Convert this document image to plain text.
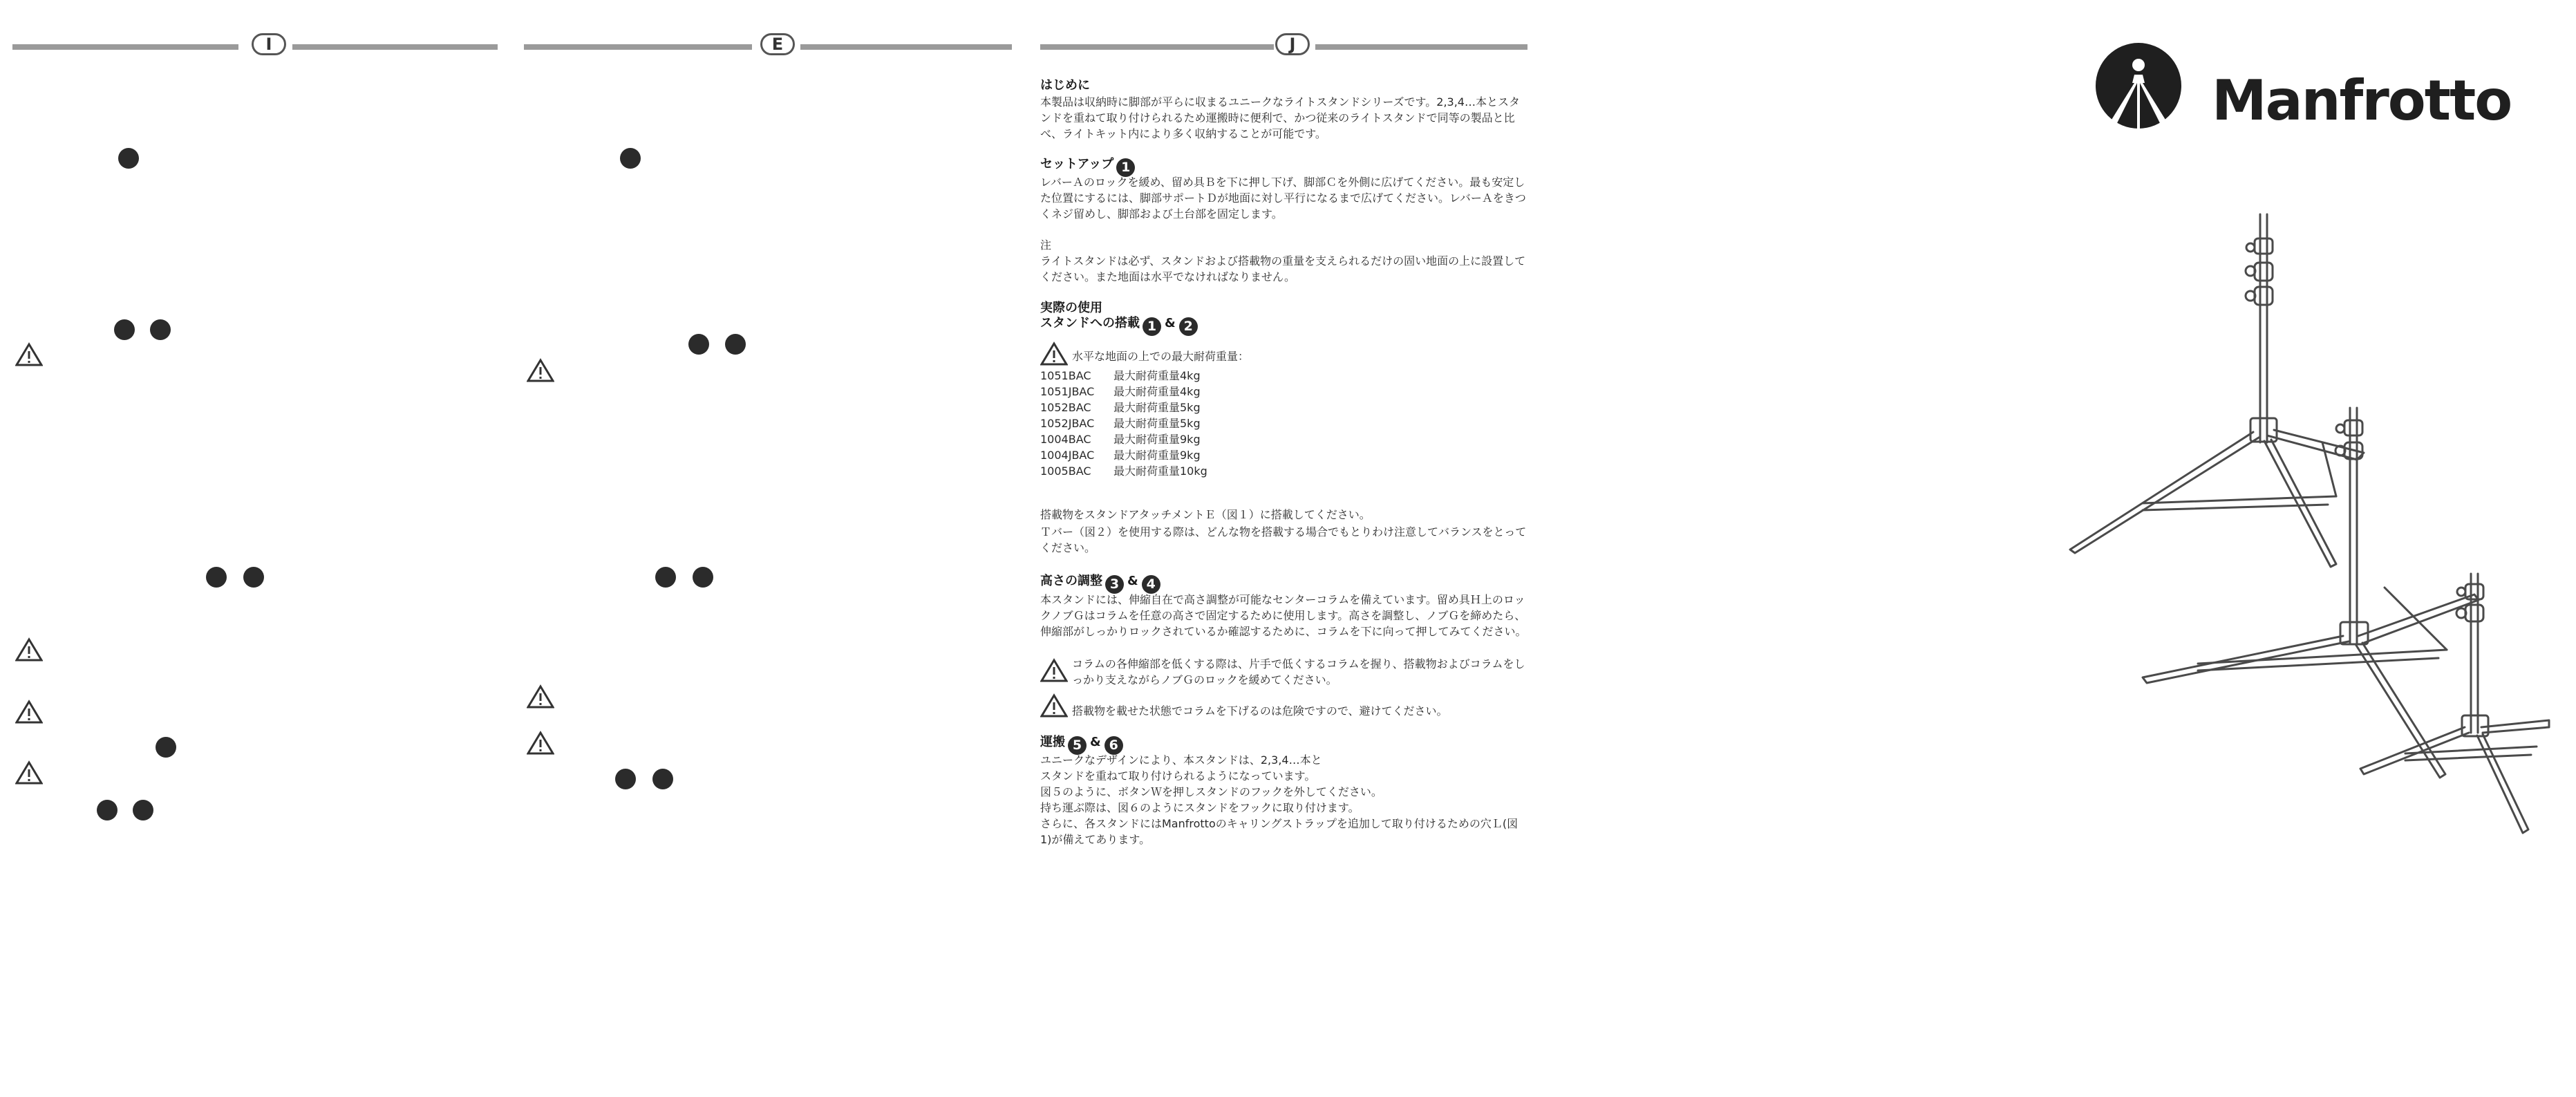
I	E	J
はじめに
本製品は収納時に脚部が平らに収まるユニークなライトスタンドシリーズです。2,3,4…本とスタンドを重ねて取り付けられるため運搬時に便利で、かつ従来のライトスタンドで同等の製品と比べ、ライトキット内により多く収納することが可能です。
セットアップ 1
レバーＡのロックを緩め、留め具Ｂを下に押し下げ、脚部Ｃを外側に広げてください。最も安定した位置にするには、脚部サポートＤが地面に対し平行になるまで広げてください。レバーＡをきつくネジ留めし、脚部および土台部を固定します。
注
ライトスタンドは必ず、スタンドおよび搭載物の重量を支えられるだけの固い地面の上に設置してください。また地面は水平でなければなりません。
実際の使用
スタンドへの搭載 1 & 2
水平な地面の上での最大耐荷重量：
1051BAC 最大耐荷重量4kg
1051JBAC 最大耐荷重量4kg
1052BAC 最大耐荷重量5kg
1052JBAC 最大耐荷重量5kg
1004BAC 最大耐荷重量9kg
1004JBAC 最大耐荷重量9kg
1005BAC 最大耐荷重量10kg
搭載物をスタンドアタッチメントＥ（図１）に搭載してください。
Ｔバー（図２）を使用する際は、どんな物を搭載する場合でもとりわけ注意してバランスをとってください。
高さの調整 3 & 4
本スタンドには、伸縮自在で高さ調整が可能なセンターコラムを備えています。留め具Ｈ上のロックノブＧはコラムを任意の高さで固定するために使用します。高さを調整し、ノブＧを締めたら、伸縮部がしっかりロックされているか確認するために、コラムを下に向って押してみてください。
コラムの各伸縮部を低くする際は、片手で低くするコラムを握り、搭載物およびコラムをしっかり支えながらノブＧのロックを緩めてください。
搭載物を載せた状態でコラムを下げるのは危険ですので、避けてください。
運搬 5 & 6
ユニークなデザインにより、本スタンドは、2,3,4…本と
スタンドを重ねて取り付けられるようになっています。
図５のように、ボタンＷを押しスタンドのフックを外してください。
持ち運ぶ際は、図６のようにスタンドをフックに取り付けます。
さらに、各スタンドにはManfrottoのキャリングストラップを追加して取り付けるための穴Ｌ(図1)が備えてあります。
Manfrotto
